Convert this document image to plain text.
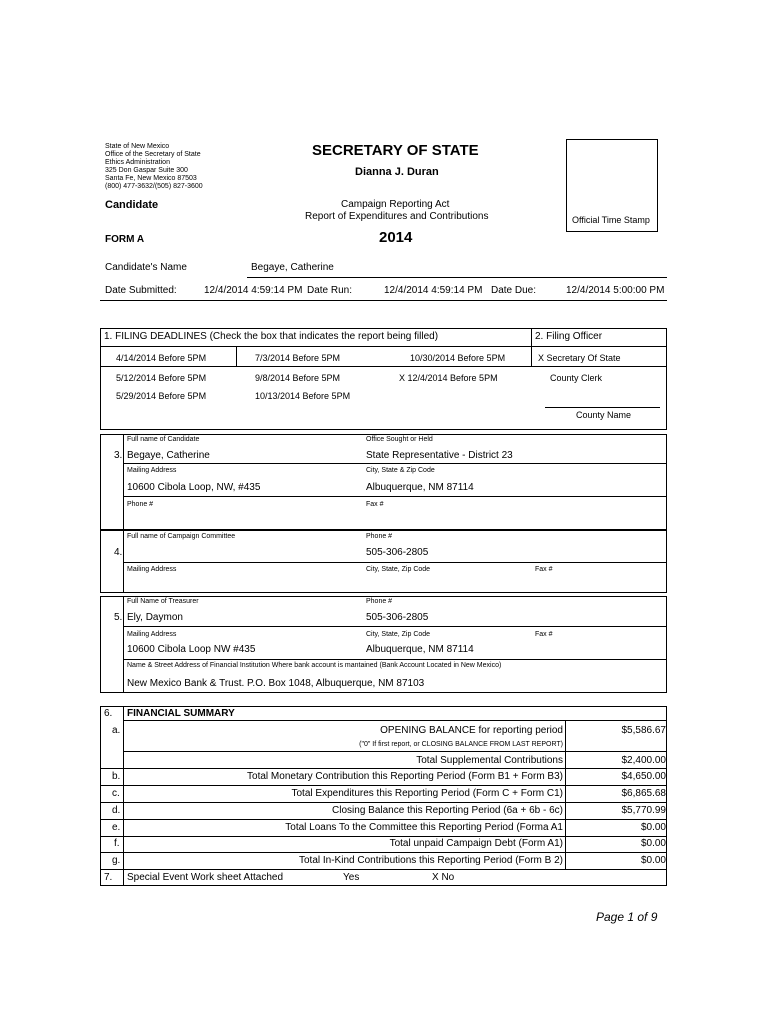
State of New Mexico
Office of the Secretary of State
Ethics Administration
325 Don Gaspar Suite 300
Santa Fe, New Mexico 87503
(800) 477-3632/(505) 827-3600
SECRETARY OF STATE
Dianna J. Duran
Candidate	Campaign Reporting Act
Report of Expenditures and Contributions
FORM A	2014
Official Time Stamp
Candidate's Name	Begaye, Catherine
Date Submitted:	12/4/2014 4:59:14 PM Date Run:	12/4/2014 4:59:14 PM Date Due:	12/4/2014 5:00:00 PM
1. FILING DEADLINES (Check the box that indicates the report being filled)	2. Filing Officer
4/14/2014 Before 5PM	7/3/2014 Before 5PM	10/30/2014 Before 5PM
5/12/2014 Before 5PM	9/8/2014 Before 5PM	X 12/4/2014 Before 5PM
5/29/2014 Before 5PM	10/13/2014 Before 5PM
X Secretary Of State
County Clerk
County Name
Full name of Candidate	Office Sought or Held
3. Begaye, Catherine	State Representative - District 23
Mailing Address	City, State & Zip Code
10600 Cibola Loop, NW, #435	Albuquerque, NM 87114
Phone #	Fax #
Full name of Campaign Committee	Phone #
4.	505-306-2805
Mailing Address	City, State, Zip Code	Fax #
Full Name of Treasurer	Phone #
5. Ely, Daymon	505-306-2805
Mailing Address	City, State, Zip Code	Fax #
10600 Cibola Loop NW #435	Albuquerque, NM 87114
Name & Street Address of Financial Institution Where bank account is mantained (Bank Account Located in New Mexico)
New Mexico Bank & Trust. P.O. Box 1048, Albuquerque, NM 87103
6. FINANCIAL SUMMARY
a.	OPENING BALANCE for reporting period	$5,586.67
("0" If first report, or CLOSING BALANCE FROM LAST REPORT)
Total Supplemental Contributions	$2,400.00
b.	Total Monetary Contribution this Reporting Period (Form B1 + Form B3)	$4,650.00
c.	Total Expenditures this Reporting Period (Form C + Form C1)	$6,865.68
d.	Closing Balance this Reporting Period (6a + 6b - 6c)	$5,770.99
e.	Total Loans To the Committee this Reporting Period (Forma A1	$0.00
f.	Total unpaid Campaign Debt (Form A1)	$0.00
g.	Total In-Kind Contributions this Reporting Period (Form B 2)	$0.00
7. Special Event Work sheet Attached	Yes	X No
Page 1 of 9
